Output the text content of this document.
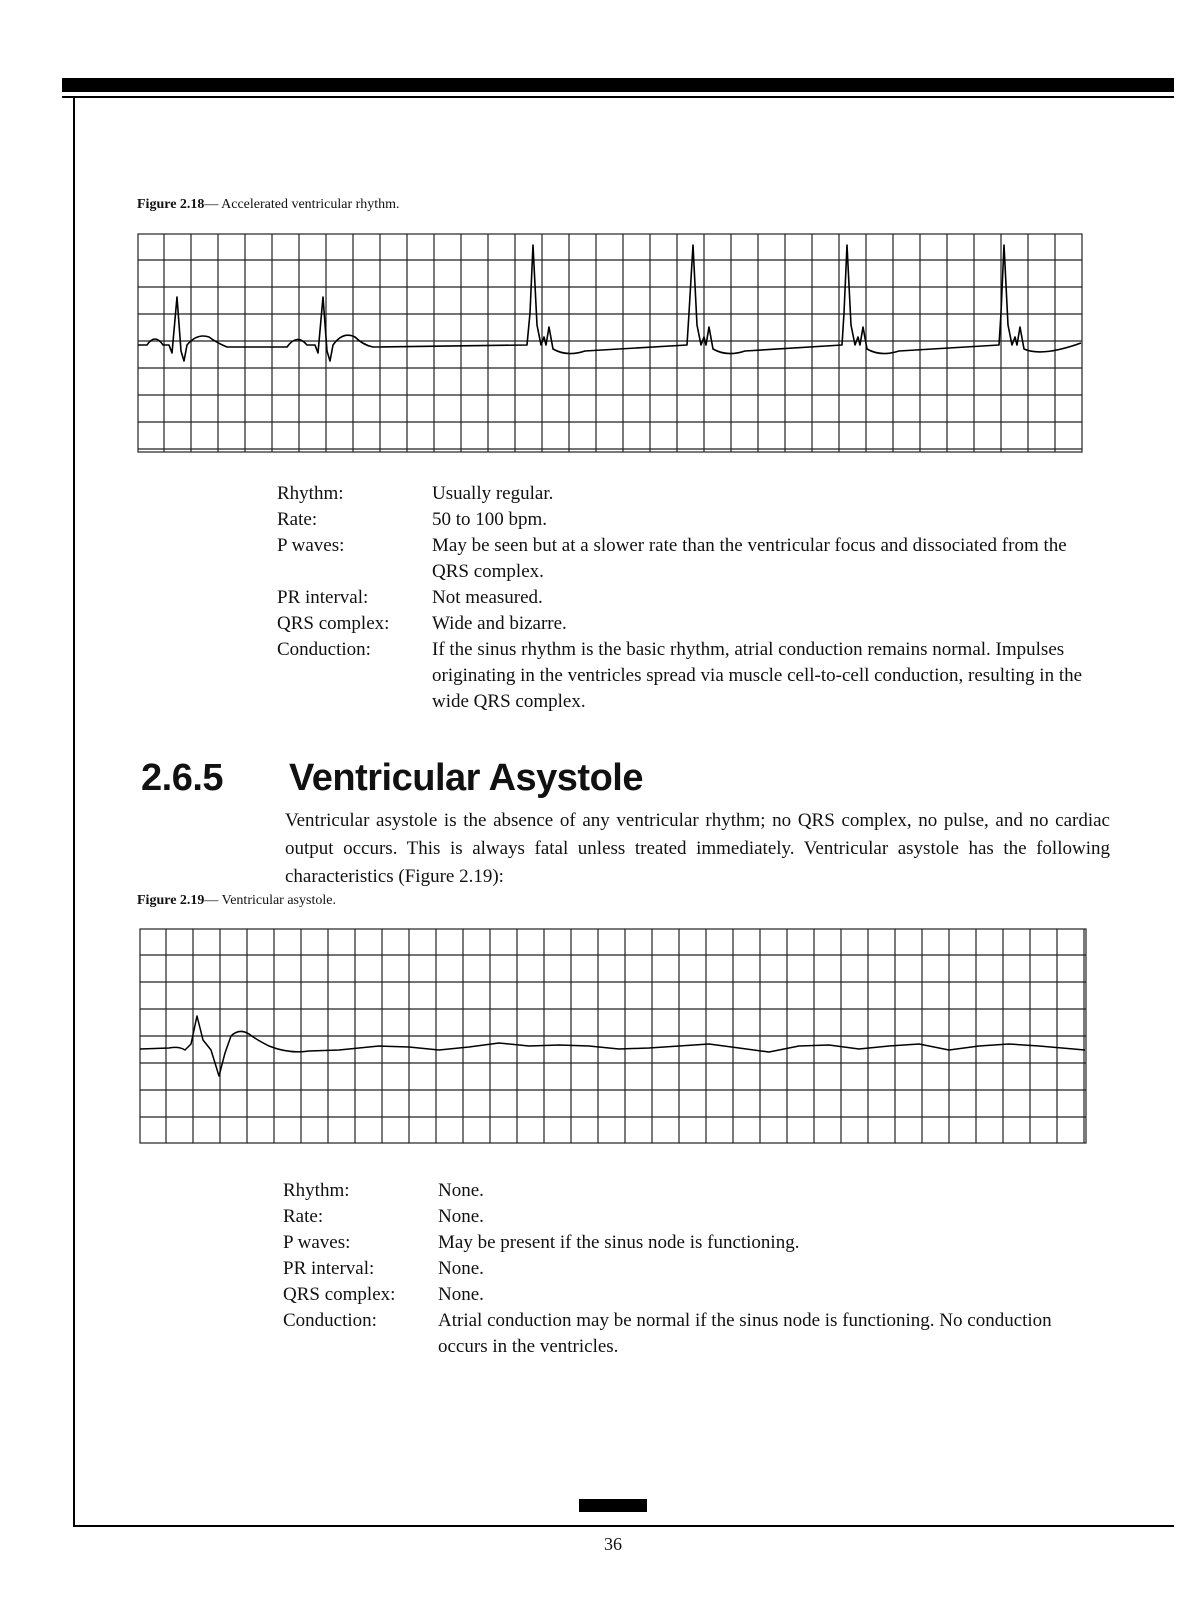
Figure 2.18— Accelerated ventricular rhythm.
Rhythm:	Usually regular.
Rate:	50 to 100 bpm.
P waves:	May be seen but at a slower rate than the ventricular focus and dissociated from the QRS complex.
PR interval:	Not measured.
QRS complex:	Wide and bizarre.
Conduction:	If the sinus rhythm is the basic rhythm, atrial conduction remains normal. Impulses originating in the ventricles spread via muscle cell-to-cell conduction, resulting in the wide QRS complex.
2.6.5 Ventricular Asystole
Ventricular asystole is the absence of any ventricular rhythm; no QRS complex, no pulse, and no cardiac output occurs. This is always fatal unless treated immediately. Ventricular asystole has the following characteristics (Figure 2.19):
Figure 2.19— Ventricular asystole.
Rhythm:	None.
Rate:	None.
P waves:	May be present if the sinus node is functioning.
PR interval:	None.
QRS complex:	None.
Conduction:	Atrial conduction may be normal if the sinus node is functioning. No conduction occurs in the ventricles.
36
